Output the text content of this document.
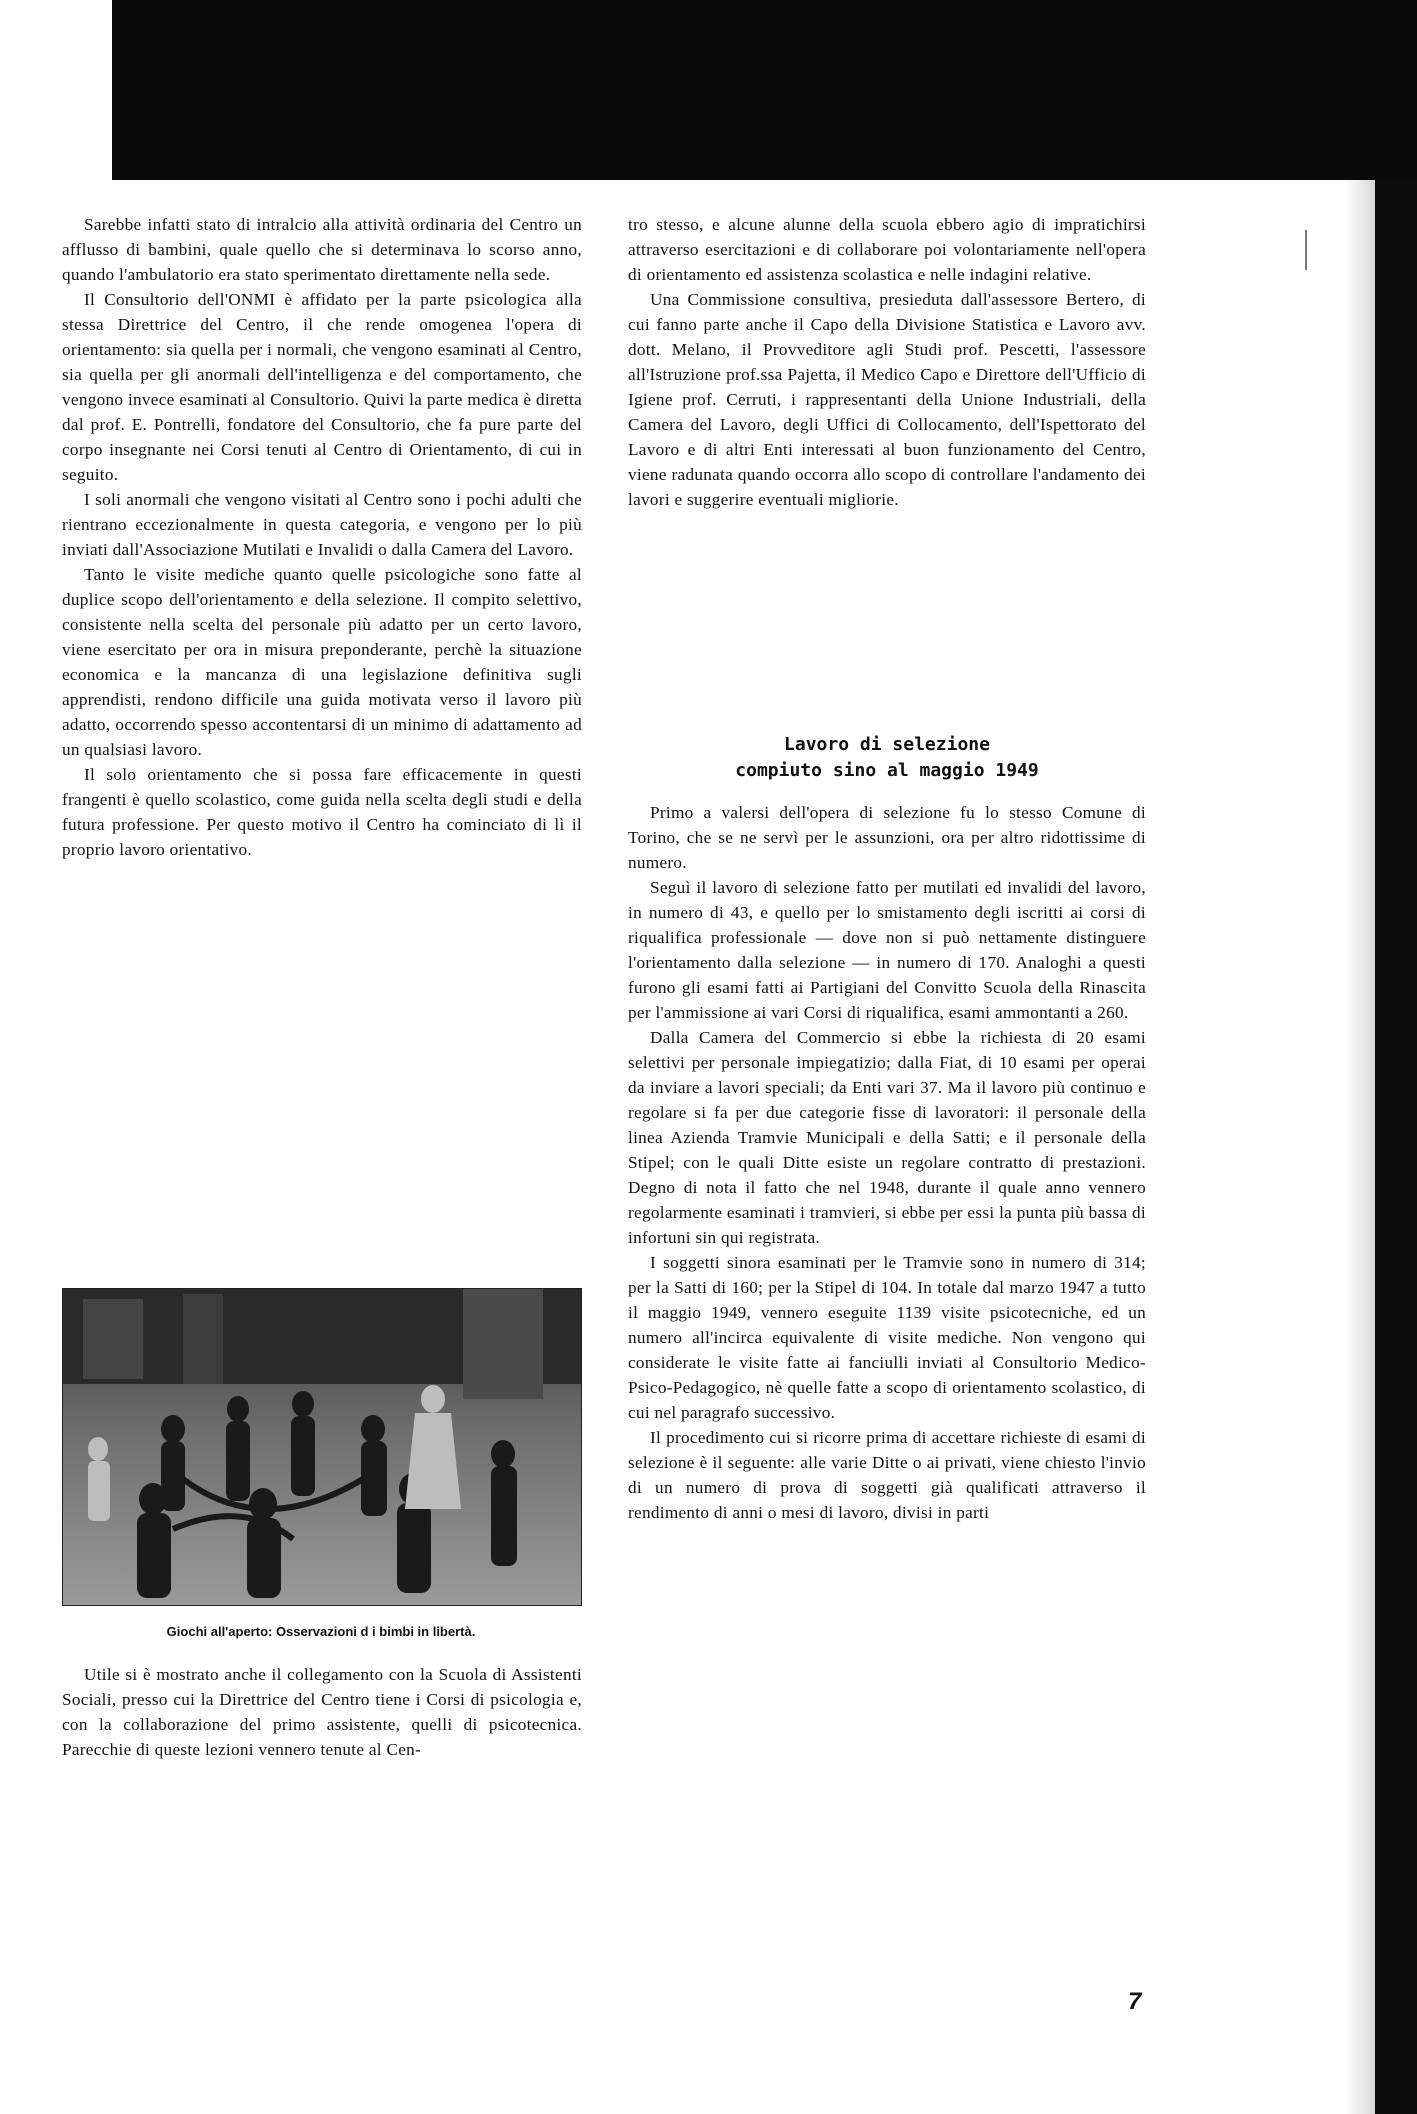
Sarebbe infatti stato di intralcio alla attività ordinaria del Centro un afflusso di bambini, quale quello che si determinava lo scorso anno, quando l'ambulatorio era stato sperimentato direttamente nella sede.

Il Consultorio dell'ONMI è affidato per la parte psicologica alla stessa Direttrice del Centro, il che rende omogenea l'opera di orientamento: sia quella per i normali, che vengono esaminati al Centro, sia quella per gli anormali dell'intelligenza e del comportamento, che vengono invece esaminati al Consultorio. Quivi la parte medica è diretta dal prof. E. Pontrelli, fondatore del Consultorio, che fa pure parte del corpo insegnante nei Corsi tenuti al Centro di Orientamento, di cui in seguito.

I soli anormali che vengono visitati al Centro sono i pochi adulti che rientrano eccezionalmente in questa categoria, e vengono per lo più inviati dall'Associazione Mutilati e Invalidi o dalla Camera del Lavoro.

Tanto le visite mediche quanto quelle psicologiche sono fatte al duplice scopo dell'orientamento e della selezione. Il compito selettivo, consistente nella scelta del personale più adatto per un certo lavoro, viene esercitato per ora in misura preponderante, perchè la situazione economica e la mancanza di una legislazione definitiva sugli apprendisti, rendono difficile una guida motivata verso il lavoro più adatto, occorrendo spesso accontentarsi di un minimo di adattamento ad un qualsiasi lavoro.

Il solo orientamento che si possa fare efficacemente in questi frangenti è quello scolastico, come guida nella scelta degli studi e della futura professione. Per questo motivo il Centro ha cominciato di lì il proprio lavoro orientativo.

Giochi all'aperto: Osservazioni d i bimbi in libertà.

Utile si è mostrato anche il collegamento con la Scuola di Assistenti Sociali, presso cui la Direttrice del Centro tiene i Corsi di psicologia e, con la collaborazione del primo assistente, quelli di psicotecnica. Parecchie di queste lezioni vennero tenute al Cen-

tro stesso, e alcune alunne della scuola ebbero agio di impratichirsi attraverso esercitazioni e di collaborare poi volontariamente nell'opera di orientamento ed assistenza scolastica e nelle indagini relative.

Una Commissione consultiva, presieduta dall'assessore Bertero, di cui fanno parte anche il Capo della Divisione Statistica e Lavoro avv. dott. Melano, il Provveditore agli Studi prof. Pescetti, l'assessore all'Istruzione prof.ssa Pajetta, il Medico Capo e Direttore dell'Ufficio di Igiene prof. Cerruti, i rappresentanti della Unione Industriali, della Camera del Lavoro, degli Uffici di Collocamento, dell'Ispettorato del Lavoro e di altri Enti interessati al buon funzionamento del Centro, viene radunata quando occorra allo scopo di controllare l'andamento dei lavori e suggerire eventuali migliorie.

Lavoro di selezione
compiuto sino al maggio 1949

Primo a valersi dell'opera di selezione fu lo stesso Comune di Torino, che se ne servì per le assunzioni, ora per altro ridottissime di numero.

Seguì il lavoro di selezione fatto per mutilati ed invalidi del lavoro, in numero di 43, e quello per lo smistamento degli iscritti ai corsi di riqualifica professionale — dove non si può nettamente distinguere l'orientamento dalla selezione — in numero di 170. Analoghi a questi furono gli esami fatti ai Partigiani del Convitto Scuola della Rinascita per l'ammissione ai vari Corsi di riqualifica, esami ammontanti a 260.

Dalla Camera del Commercio si ebbe la richiesta di 20 esami selettivi per personale impiegatizio; dalla Fiat, di 10 esami per operai da inviare a lavori speciali; da Enti vari 37. Ma il lavoro più continuo e regolare si fa per due categorie fisse di lavoratori: il personale della linea Azienda Tramvie Municipali e della Satti; e il personale della Stipel; con le quali Ditte esiste un regolare contratto di prestazioni. Degno di nota il fatto che nel 1948, durante il quale anno vennero regolarmente esaminati i tramvieri, si ebbe per essi la punta più bassa di infortuni sin qui registrata.

I soggetti sinora esaminati per le Tramvie sono in numero di 314; per la Satti di 160; per la Stipel di 104. In totale dal marzo 1947 a tutto il maggio 1949, vennero eseguite 1139 visite psicotecniche, ed un numero all'incirca equivalente di visite mediche. Non vengono qui considerate le visite fatte ai fanciulli inviati al Consultorio Medico-Psico-Pedagogico, nè quelle fatte a scopo di orientamento scolastico, di cui nel paragrafo successivo.

Il procedimento cui si ricorre prima di accettare richieste di esami di selezione è il seguente: alle varie Ditte o ai privati, viene chiesto l'invio di un numero di prova di soggetti già qualificati attraverso il rendimento di anni o mesi di lavoro, divisi in parti

7
